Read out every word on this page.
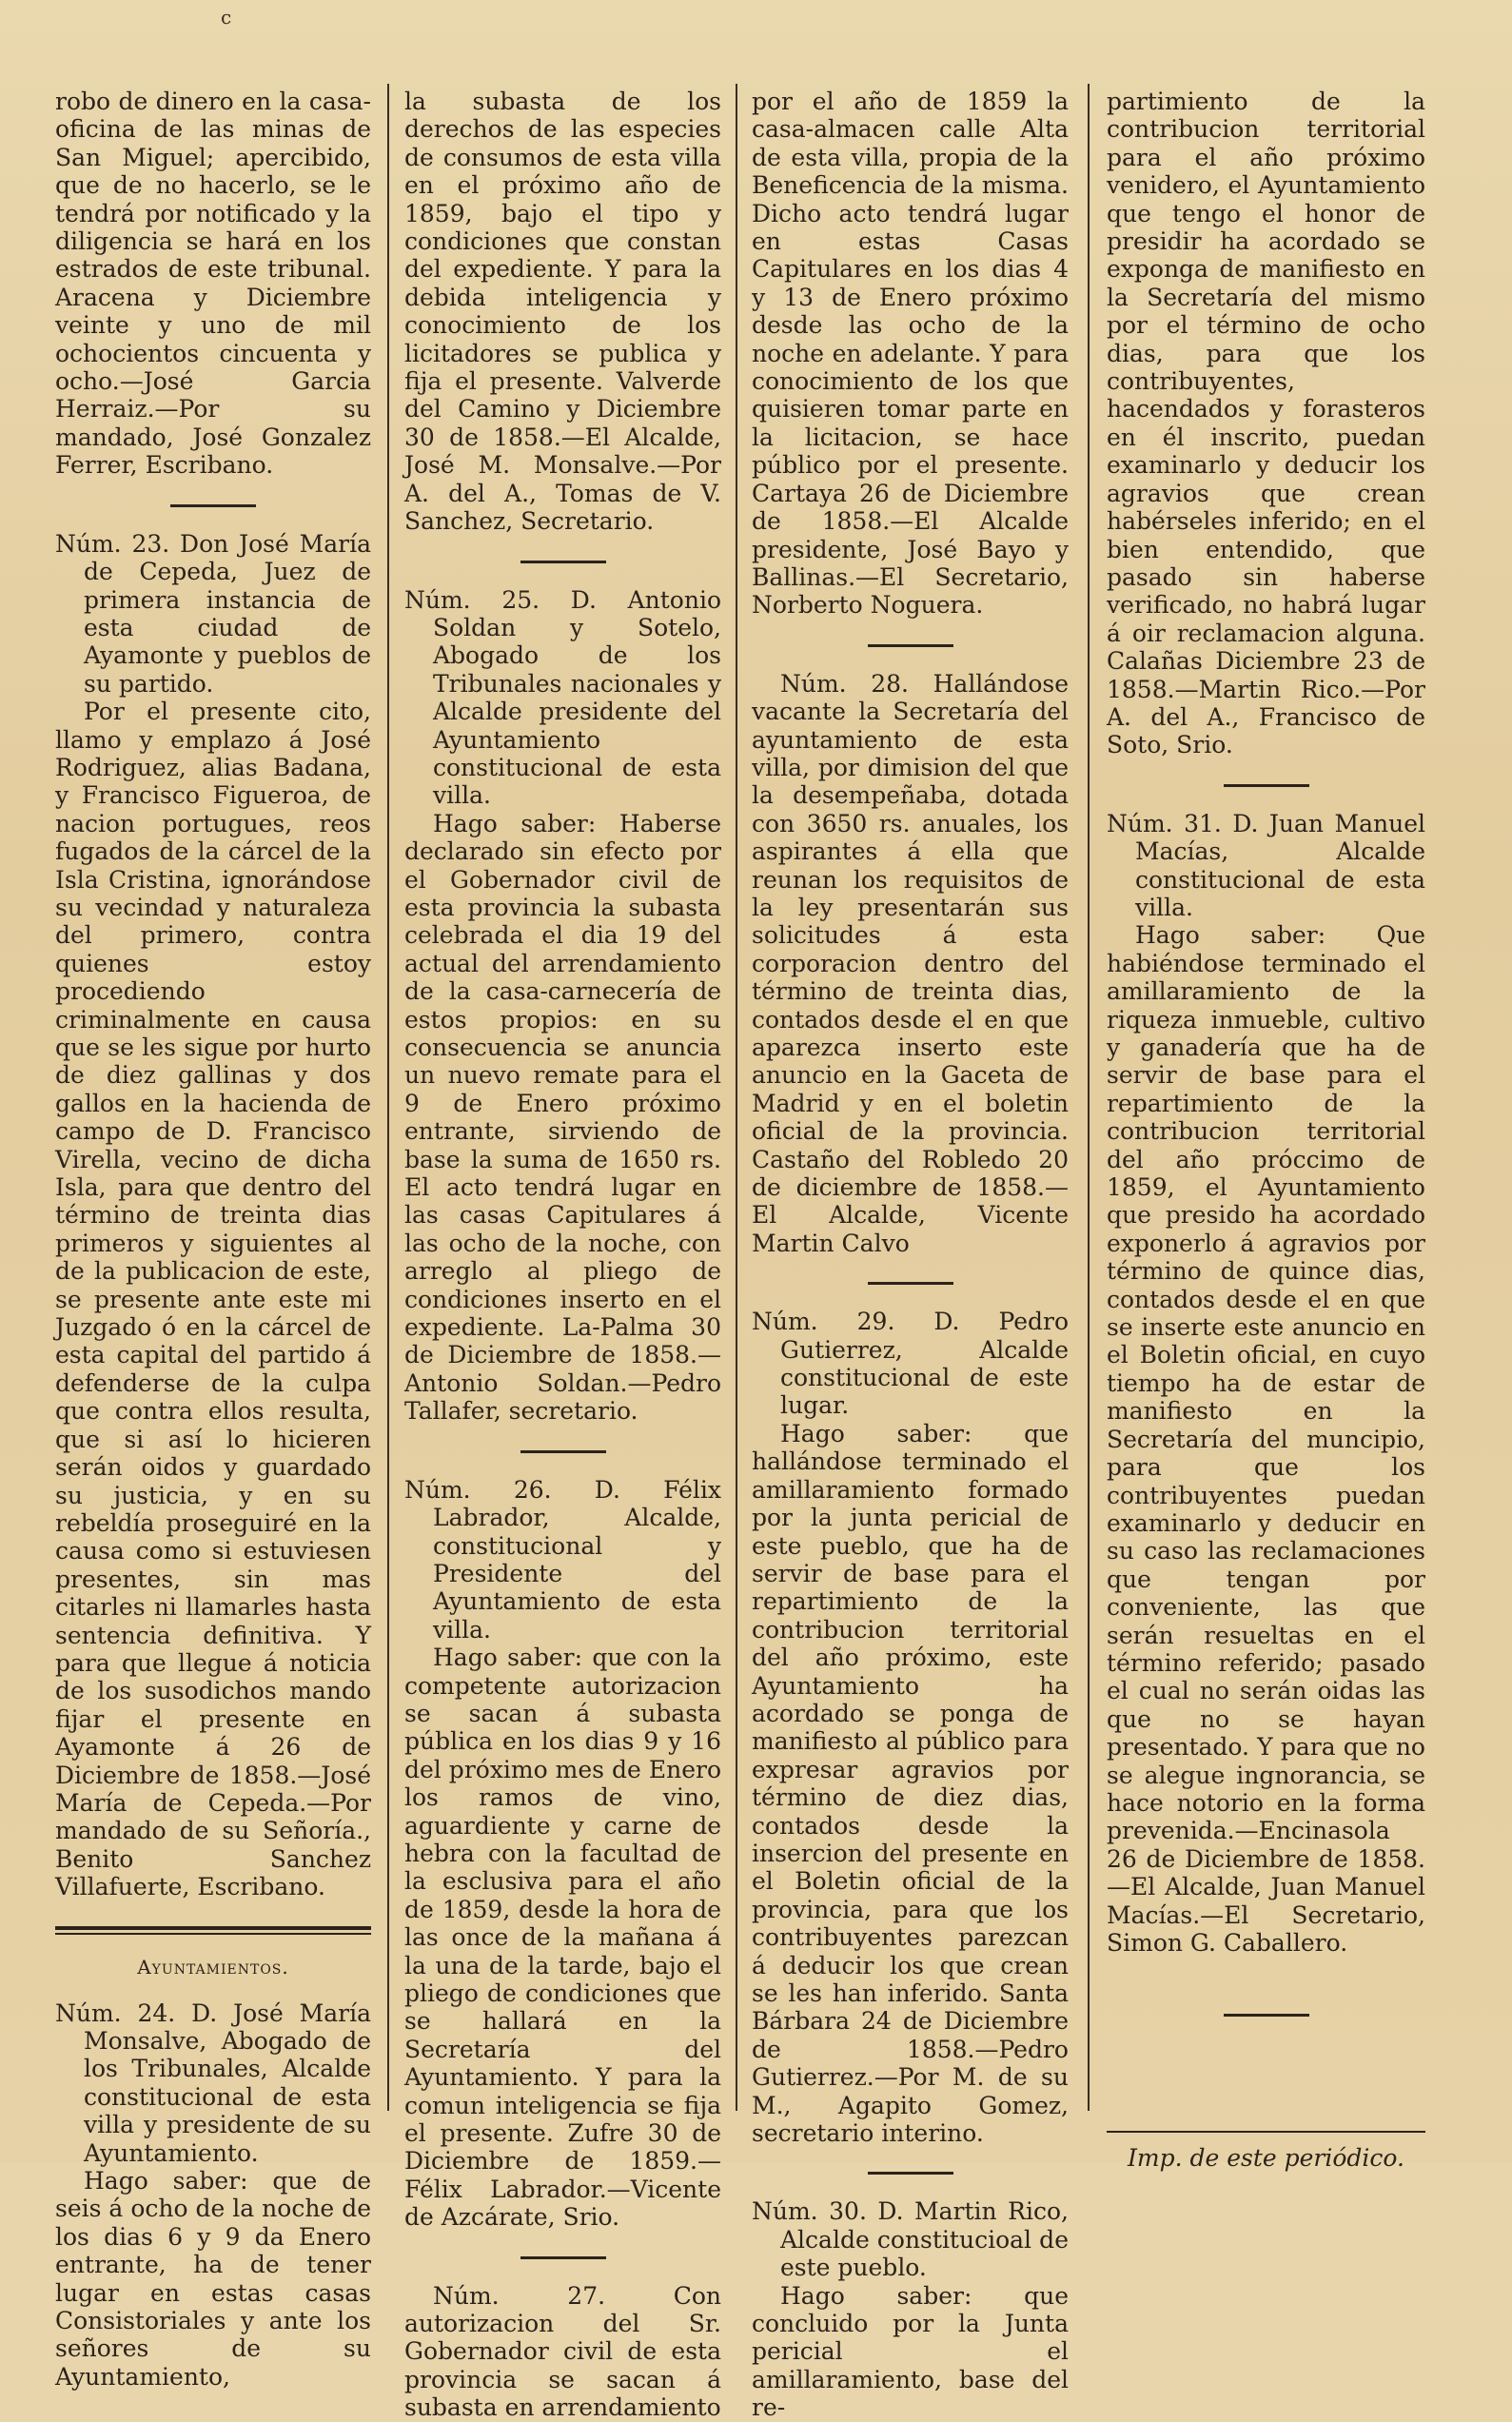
c

robo de dinero en la casa-oficina de las minas de San Miguel; apercibido, que de no hacerlo, se le tendrá por notificado y la diligencia se hará en los estrados de este tribunal. Aracena y Diciembre veinte y uno de mil ochocientos cincuenta y ocho.—José Garcia Herraiz.—Por su mandado, José Gonzalez Ferrer, Escribano.

Núm. 23. Don José María de Cepeda, Juez de primera instancia de esta ciudad de Ayamonte y pueblos de su partido.

Por el presente cito, llamo y emplazo á José Rodriguez, alias Badana, y Francisco Figueroa, de nacion portugues, reos fugados de la cárcel de la Isla Cristina, ignorándose su vecindad y naturaleza del primero, contra quienes estoy procediendo criminalmente en causa que se les sigue por hurto de diez gallinas y dos gallos en la hacienda de campo de D. Francisco Virella, vecino de dicha Isla, para que dentro del término de treinta dias primeros y siguientes al de la publicacion de este, se presente ante este mi Juzgado ó en la cárcel de esta capital del partido á defenderse de la culpa que contra ellos resulta, que si así lo hicieren serán oidos y guardado su justicia, y en su rebeldía proseguiré en la causa como si estuviesen presentes, sin mas citarles ni llamarles hasta sentencia definitiva. Y para que llegue á noticia de los susodichos mando fijar el presente en Ayamonte á 26 de Diciembre de 1858.—José María de Cepeda.—Por mandado de su Señoría., Benito Sanchez Villafuerte, Escribano.

Ayuntamientos.

Núm. 24. D. José María Monsalve, Abogado de los Tribunales, Alcalde constitucional de esta villa y presidente de su Ayuntamiento.

Hago saber: que de seis á ocho de la noche de los dias 6 y 9 da Enero entrante, ha de tener lugar en estas casas Consistoriales y ante los señores de su Ayuntamiento,

la subasta de los derechos de las especies de consumos de esta villa en el próximo año de 1859, bajo el tipo y condiciones que constan del expediente. Y para la debida inteligencia y conocimiento de los licitadores se publica y fija el presente. Valverde del Camino y Diciembre 30 de 1858.—El Alcalde, José M. Monsalve.—Por A. del A., Tomas de V. Sanchez, Secretario.

Núm. 25. D. Antonio Soldan y Sotelo, Abogado de los Tribunales nacionales y Alcalde presidente del Ayuntamiento constitucional de esta villa.

Hago saber: Haberse declarado sin efecto por el Gobernador civil de esta provincia la subasta celebrada el dia 19 del actual del arrendamiento de la casa-carnecería de estos propios: en su consecuencia se anuncia un nuevo remate para el 9 de Enero próximo entrante, sirviendo de base la suma de 1650 rs. El acto tendrá lugar en las casas Capitulares á las ocho de la noche, con arreglo al pliego de condiciones inserto en el expediente. La-Palma 30 de Diciembre de 1858.—Antonio Soldan.—Pedro Tallafer, secretario.

Núm. 26. D. Félix Labrador, Alcalde, constitucional y Presidente del Ayuntamiento de esta villa.

Hago saber: que con la competente autorizacion se sacan á subasta pública en los dias 9 y 16 del próximo mes de Enero los ramos de vino, aguardiente y carne de hebra con la facultad de la esclusiva para el año de 1859, desde la hora de las once de la mañana á la una de la tarde, bajo el pliego de condiciones que se hallará en la Secretaría del Ayuntamiento. Y para la comun inteligencia se fija el presente. Zufre 30 de Diciembre de 1859.—Félix Labrador.—Vicente de Azcárate, Srio.

Núm. 27. Con autorizacion del Sr. Gobernador civil de esta provincia se sacan á subasta en arrendamiento

por el año de 1859 la casa-almacen calle Alta de esta villa, propia de la Beneficencia de la misma. Dicho acto tendrá lugar en estas Casas Capitulares en los dias 4 y 13 de Enero próximo desde las ocho de la noche en adelante. Y para conocimiento de los que quisieren tomar parte en la licitacion, se hace público por el presente. Cartaya 26 de Diciembre de 1858.—El Alcalde presidente, José Bayo y Ballinas.—El Secretario, Norberto Noguera.

Núm. 28. Hallándose vacante la Secretaría del ayuntamiento de esta villa, por dimision del que la desempeñaba, dotada con 3650 rs. anuales, los aspirantes á ella que reunan los requisitos de la ley presentarán sus solicitudes á esta corporacion dentro del término de treinta dias, contados desde el en que aparezca inserto este anuncio en la Gaceta de Madrid y en el boletin oficial de la provincia. Castaño del Robledo 20 de diciembre de 1858.—El Alcalde, Vicente Martin Calvo

Núm. 29. D. Pedro Gutierrez, Alcalde constitucional de este lugar.

Hago saber: que hallándose terminado el amillaramiento formado por la junta pericial de este pueblo, que ha de servir de base para el repartimiento de la contribucion territorial del año próximo, este Ayuntamiento ha acordado se ponga de manifiesto al público para expresar agravios por término de diez dias, contados desde la insercion del presente en el Boletin oficial de la provincia, para que los contribuyentes parezcan á deducir los que crean se les han inferido. Santa Bárbara 24 de Diciembre de 1858.—Pedro Gutierrez.—Por M. de su M., Agapito Gomez, secretario interino.

Núm. 30. D. Martin Rico, Alcalde constitucioal de este pueblo.

Hago saber: que concluido por la Junta pericial el amillaramiento, base del re-

partimiento de la contribucion territorial para el año próximo venidero, el Ayuntamiento que tengo el honor de presidir ha acordado se exponga de manifiesto en la Secretaría del mismo por el término de ocho dias, para que los contribuyentes, hacendados y forasteros en él inscrito, puedan examinarlo y deducir los agravios que crean habérseles inferido; en el bien entendido, que pasado sin haberse verificado, no habrá lugar á oir reclamacion alguna. Calañas Diciembre 23 de 1858.—Martin Rico.—Por A. del A., Francisco de Soto, Srio.

Núm. 31. D. Juan Manuel Macías, Alcalde constitucional de esta villa.

Hago saber: Que habiéndose terminado el amillaramiento de la riqueza inmueble, cultivo y ganadería que ha de servir de base para el repartimiento de la contribucion territorial del año próccimo de 1859, el Ayuntamiento que presido ha acordado exponerlo á agravios por término de quince dias, contados desde el en que se inserte este anuncio en el Boletin oficial, en cuyo tiempo ha de estar de manifiesto en la Secretaría del muncipio, para que los contribuyentes puedan examinarlo y deducir en su caso las reclamaciones que tengan por conveniente, las que serán resueltas en el término referido; pasado el cual no serán oidas las que no se hayan presentado. Y para que no se alegue ingnorancia, se hace notorio en la forma prevenida.—Encinasola 26 de Diciembre de 1858.—El Alcalde, Juan Manuel Macías.—El Secretario, Simon G. Caballero.

Imp. de este periódico.
